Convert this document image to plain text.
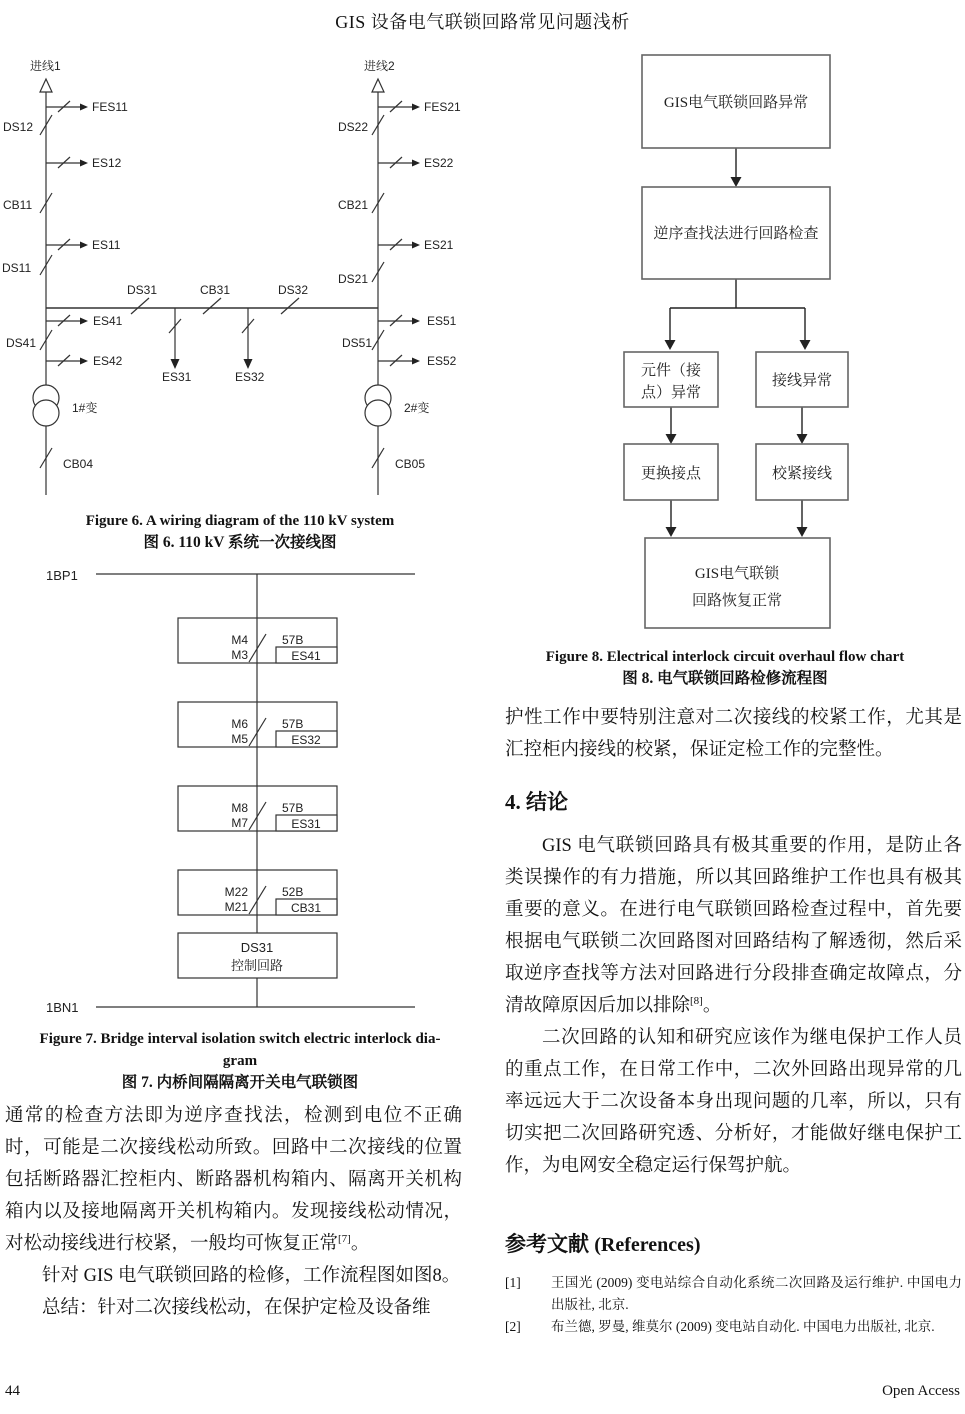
GIS 设备电气联锁回路常见问题浅析
进线1	进线2
FES11
DS12
ES12
CB11
ES11
DS11
DS31	CB31	DS32
ES41
DS41
ES42
ES31	ES32
1#变
CB04
FES21
DS22
ES22
CB21
ES21
DS21
ES51
DS51
ES52
2#变
CB05
Figure 6. A wiring diagram of the 110 kV system
图 6. 110 kV 系统一次接线图
1BP1
1BN1
M4
M3
57B
ES41
M6
M5
57B
ES32
M8
M7
57B
ES31
M22
M21
52B
CB31
DS31
控制回路
Figure 7. Bridge interval isolation switch electric interlock dia-
gram
图 7. 内桥间隔隔离开关电气联锁图

通常的检查方法即为逆序查找法，检测到电位不正确时，可能是二次接线松动所致。回路中二次接线的位置包括断路器汇控柜内、断路器机构箱内、隔离开关机构箱内以及接地隔离开关机构箱内。发现接线松动情况，对松动接线进行校紧，一般均可恢复正常[7]。

针对 GIS 电气联锁回路的检修，工作流程图如图8。

总结：针对二次接线松动，在保护定检及设备维

GIS电气联锁回路异常
逆序查找法进行回路检查
元件（接
点）异常
接线异常
更换接点	校紧接线
GIS电气联锁
回路恢复正常
Figure 8. Electrical interlock circuit overhaul flow chart
图 8. 电气联锁回路检修流程图

护性工作中要特别注意对二次接线的校紧工作，尤其是汇控柜内接线的校紧，保证定检工作的完整性。

4. 结论

GIS 电气联锁回路具有极其重要的作用，是防止各类误操作的有力措施，所以其回路维护工作也具有极其重要的意义。在进行电气联锁回路检查过程中，首先要根据电气联锁二次回路图对回路结构了解透彻，然后采取逆序查找等方法对回路进行分段排查确定故障点，分清故障原因后加以排除[8]。

二次回路的认知和研究应该作为继电保护工作人员的重点工作，在日常工作中，二次外回路出现异常的几率远远大于二次设备本身出现问题的几率，所以，只有切实把二次回路研究透、分析好，才能做好继电保护工作，为电网安全稳定运行保驾护航。

参考文献 (References)
[1]	王国光 (2009) 变电站综合自动化系统二次回路及运行维护. 中国电力出版社, 北京.
[2]	布兰德, 罗曼, 维莫尔 (2009) 变电站自动化. 中国电力出版社, 北京.
44	Open Access
